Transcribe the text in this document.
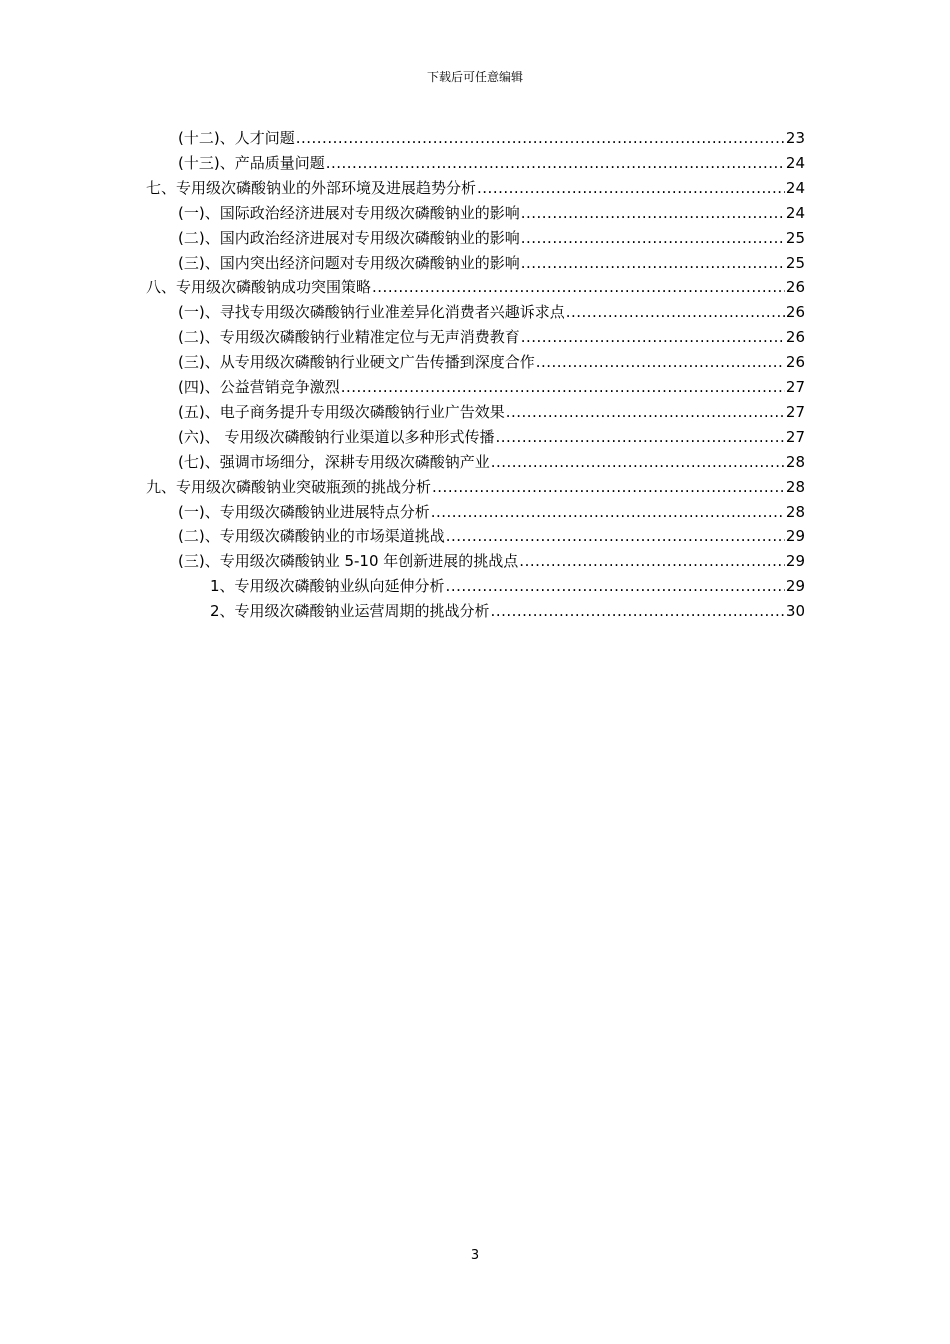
下载后可任意编辑
(十二)、人才问题 .....	23
(十三)、产品质量问题 .....	24
七、专用级次磷酸钠业的外部环境及进展趋势分析 .....	24
(一)、国际政治经济进展对专用级次磷酸钠业的影响 .....	24
(二)、国内政治经济进展对专用级次磷酸钠业的影响 .....	25
(三)、国内突出经济问题对专用级次磷酸钠业的影响 .....	25
八、专用级次磷酸钠成功突围策略 .....	26
(一)、寻找专用级次磷酸钠行业准差异化消费者兴趣诉求点 .....	26
(二)、专用级次磷酸钠行业精准定位与无声消费教育 .....	26
(三)、从专用级次磷酸钠行业硬文广告传播到深度合作 .....	26
(四)、公益营销竞争激烈 .....	27
(五)、电子商务提升专用级次磷酸钠行业广告效果 .....	27
(六)、 专用级次磷酸钠行业渠道以多种形式传播 .....	27
(七)、强调市场细分，深耕专用级次磷酸钠产业 .....	28
九、专用级次磷酸钠业突破瓶颈的挑战分析 .....	28
(一)、专用级次磷酸钠业进展特点分析 .....	28
(二)、专用级次磷酸钠业的市场渠道挑战 .....	29
(三)、专用级次磷酸钠业 5-10 年创新进展的挑战点 .....	29
1、专用级次磷酸钠业纵向延伸分析 .....	29
2、专用级次磷酸钠业运营周期的挑战分析 .....	30
3
